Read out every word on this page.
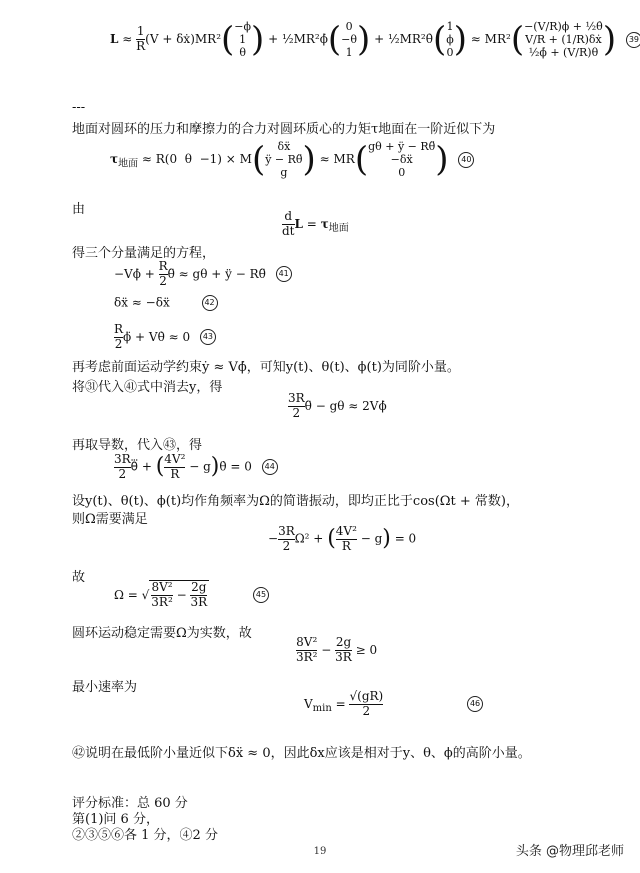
$L \approx \frac{1}{R} (V$ + δẋ)MR²(−ϕ
1
θ ) + ½MR²ϕ̇( 0
−θ
1 ) + ½MR²θ̇(1
ϕ
0) ≈ MR²(−(V/R)ϕ + ½θ̇
V/R + (1/R)δẋ
½ϕ̇ + (V/R)θ ) 39
---
地面对圆环的压力和摩擦力的合力对圆环质心的力矩τ地面在一阶近似下为
$\tau_{地面} \approx R(0$  θ  −1) × M( δẍ
ÿ − Rθ̈
g ) ≈ MR(gθ + ÿ − Rθ̈
−δẍ
0 ) 40
由
$\frac{d}{dt}$ $L = \tau_{地面}$
得三个分量满足的方程，
−Vϕ̇ + $\frac{R}{2}$ θ̈ ≈ gθ + ÿ − Rθ̈ 41
δẍ ≈ −δẍ	42
$\frac{R}{2}$ ϕ̈ + Vθ̇ ≈ 0 43
再考虑前面运动学约束ẏ ≈ Vϕ̇，可知y(t)、θ(t)、ϕ(t)为同阶小量。
将㉛代入㊶式中消去y，得
$\frac{3R}{2}$ θ̈ − gθ ≈ 2Vϕ̇
再取导数，代入㊸，得
$\frac{3R}{2}$ θ⃛ + ( $\frac{\text{4V²}}{R}$ − g)θ̇ = 0 44
设y(t)、θ(t)、ϕ(t)均作角频率为Ω的简谐振动，即均正比于cos(Ωt + 常数)，
则Ω需要满足
− $\frac{3R}{2} \Omega^2$ + ( $\frac{\text{4V²}}{R} - g) = 0$
故
Ω = √ $\frac{\text{8V²}}{\text{3R²}} - \frac{2g}{3R}$	45
圆环运动稳定需要Ω为实数，故
$\frac{\text{8V²}}{\text{3R²}} - \frac{2g}{3R} \ge 0$
最小速率为
$V_{min} = \frac{√(gR)}{2}$	46
㊷说明在最低阶小量近似下δẍ ≈ 0，因此δx应该是相对于y、θ、ϕ的高阶小量。
评分标准：总 60 分
第(1)问 6 分，
②③⑤⑥各 1 分，④2 分
19	头条 @物理邱老师
